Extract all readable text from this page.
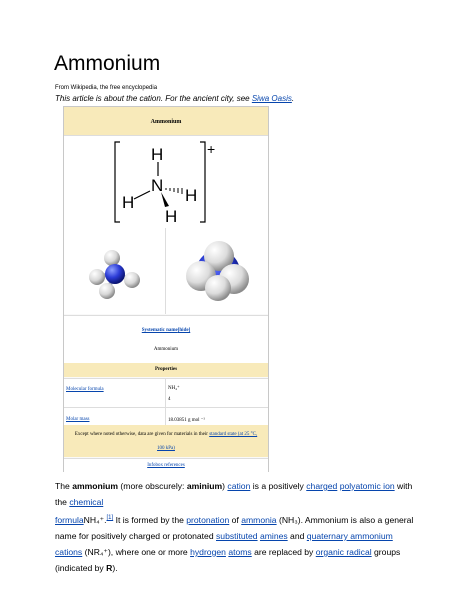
Ammonium
From Wikipedia, the free encyclopedia
This article is about the cation. For the ancient city, see Siwa Oasis.
Ammonium
+
H
N
H	H
H
Systematic name[hide]
Ammonium
Properties
Molecular formula	NH₄⁺
4
Molar mass	18.03851 g mol ⁻¹
Except where noted otherwise, data are given for materials in their standard state (at 25 °C,
100 kPa)
Infobox references
The ammonium (more obscurely: aminium) cation is a positively charged polyatomic ion with the chemical
formulaNH₄⁺.[1] It is formed by the protonation of ammonia (NH₃). Ammonium is also a general name for positively charged or protonated substituted amines and quaternary ammonium cations (NR₄⁺), where one or more hydrogen atoms are replaced by organic radical groups (indicated by R).
